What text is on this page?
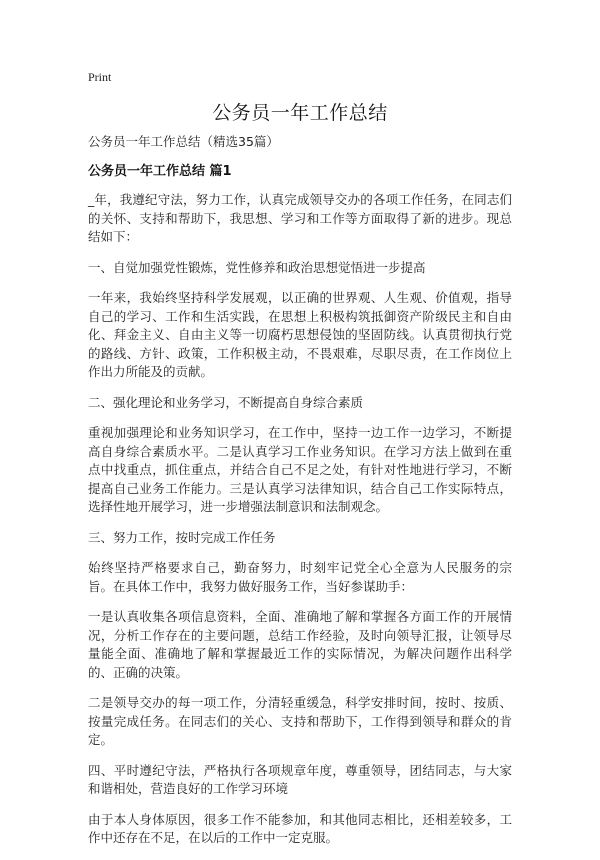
Print
公务员一年工作总结

公务员一年工作总结（精选35篇）

公务员一年工作总结 篇1

_年，我遵纪守法，努力工作，认真完成领导交办的各项工作任务，在同志们的关怀、支持和帮助下，我思想、学习和工作等方面取得了新的进步。现总结如下：

一、自觉加强党性锻炼，党性修养和政治思想觉悟进一步提高

一年来，我始终坚持科学发展观，以正确的世界观、人生观、价值观，指导自己的学习、工作和生活实践，在思想上积极构筑抵御资产阶级民主和自由化、拜金主义、自由主义等一切腐朽思想侵蚀的坚固防线。认真贯彻执行党的路线、方针、政策，工作积极主动，不畏艰难，尽职尽责，在工作岗位上作出力所能及的贡献。

二、强化理论和业务学习，不断提高自身综合素质

重视加强理论和业务知识学习，在工作中，坚持一边工作一边学习，不断提高自身综合素质水平。二是认真学习工作业务知识。在学习方法上做到在重点中找重点，抓住重点，并结合自己不足之处，有针对性地进行学习，不断提高自己业务工作能力。三是认真学习法律知识，结合自己工作实际特点，选择性地开展学习，进一步增强法制意识和法制观念。

三、努力工作，按时完成工作任务

始终坚持严格要求自己，勤奋努力，时刻牢记党全心全意为人民服务的宗旨。在具体工作中，我努力做好服务工作，当好参谋助手：

一是认真收集各项信息资料，全面、准确地了解和掌握各方面工作的开展情况，分析工作存在的主要问题，总结工作经验，及时向领导汇报，让领导尽量能全面、准确地了解和掌握最近工作的实际情况，为解决问题作出科学的、正确的决策。

二是领导交办的每一项工作，分清轻重缓急，科学安排时间，按时、按质、按量完成任务。在同志们的关心、支持和帮助下，工作得到领导和群众的肯定。

四、平时遵纪守法，严格执行各项规章年度，尊重领导，团结同志，与大家和谐相处，营造良好的工作学习环境

由于本人身体原因，很多工作不能参加，和其他同志相比，还相差较多，工作中还存在不足，在以后的工作中一定克服。
